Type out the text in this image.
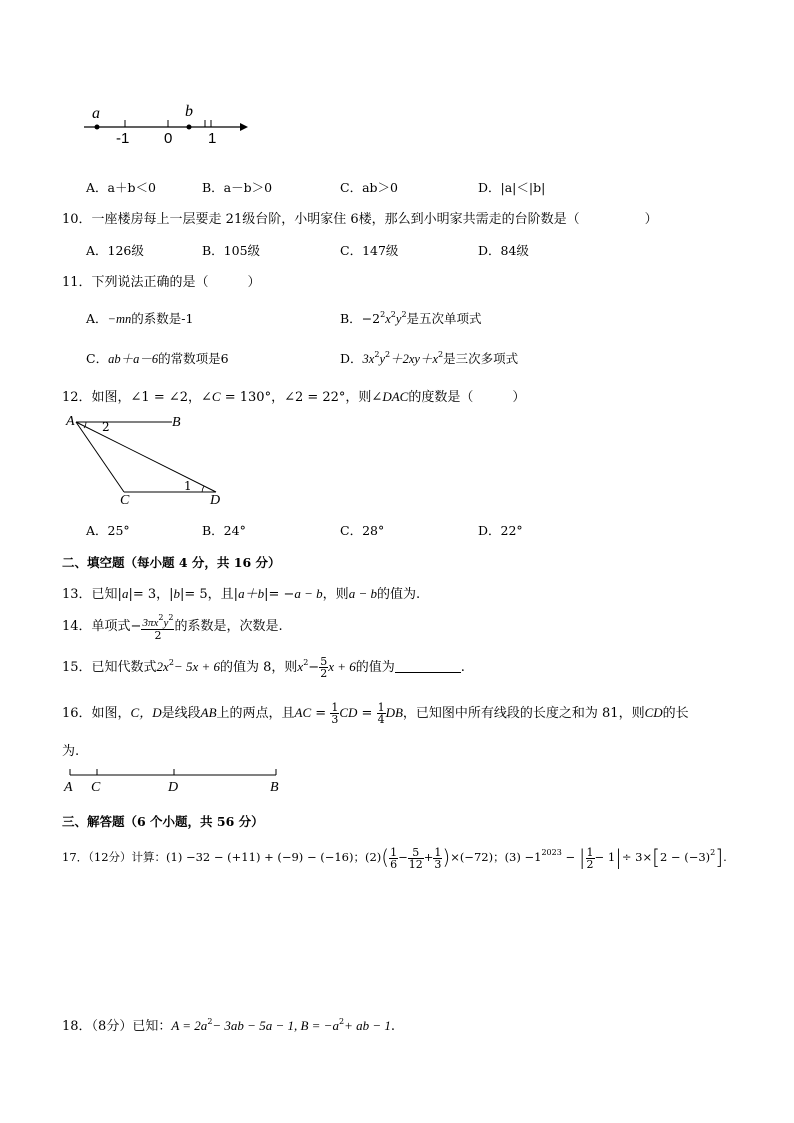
a	b
-1 0 1
A．a＋b＜0	B．a－b＞0	C．ab＞0	D．|a|＜|b|
10．一座楼房每上一层要走 21级台阶，小明家住 6楼，那么到小明家共需走的台阶数是（　　　　　）
A．126级	B．105级	C．147级	D．84级
11．下列说法正确的是（　　　）
A．−mn的系数是-1	B．$-2^2x^2y^2$是五次单项式
C．ab＋a－6的常数项是6	D．$3x^2y^2+2xy+x^2$是三次多项式
12．如图，∠1 = ∠2，∠C = 130°，∠2 = 22°，则∠DAC的度数是（　　　）
A	B
C	D
2
1
A．25°	B．24°	C．28°	D．22°
二、填空题（每小题 4 分，共 16 分）
13．已知|a|= 3，|b|= 5，且|a＋b|= −a − b，则a − b的值为.
14．单项式− $\frac{3\pi x^2y^2}{2}$ 的系数是，次数是.
15．已知代数式$2x^2- 5x + 6$的值为 8，则$x^2- \frac{5}{2}$ x + 6的值为	.
16．如图，C，D是线段AB上的两点，且AC = $\frac{1}{3}$ CD = $\frac{1}{4}$ DB，已知图中所有线段的长度之和为 81，则CD的长
为.
A C	D	B
三、解答题（6 个小题，共 56 分）
17．（12分）计算：(1) −32 − (+11) + (−9) − (−16)；$(2)( \frac{1}{6} - \frac{5}{12} + \frac{1}{3} )\times(-72)$；$(3) -1^{2023}$ − | $\frac{1}{2} - 1|\div 3\times[2 - (-3)^2]$.
18．（8分）已知：$A = 2a^2- 3ab - 5a - 1$, $B = -a^2+$ ab − 1.
